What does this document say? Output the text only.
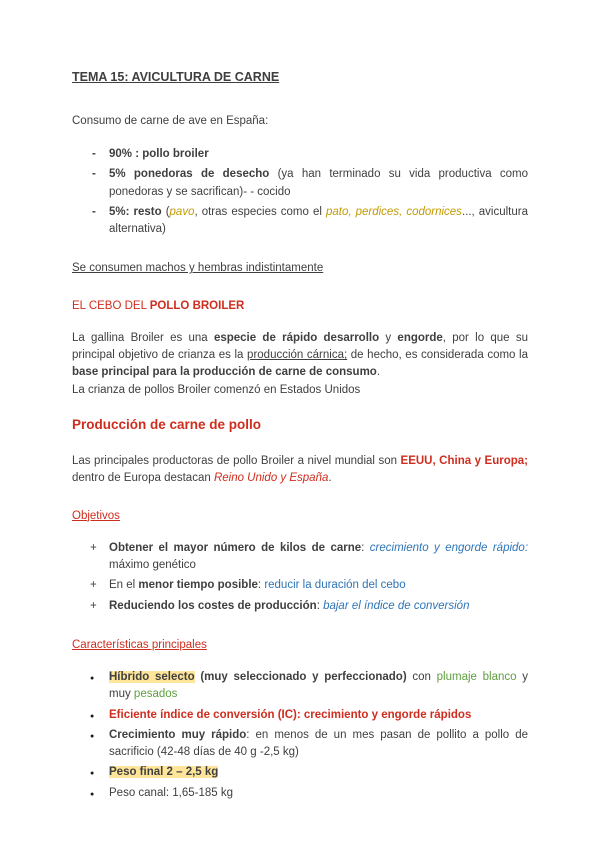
TEMA 15: AVICULTURA DE CARNE

Consumo de carne de ave en España:

- 90% : pollo broiler
- 5% ponedoras de desecho (ya han terminado su vida productiva como ponedoras y se sacrifican)- - cocido
- 5%: resto (pavo, otras especies como el pato, perdices, codornices..., avicultura alternativa)

Se consumen machos y hembras indistintamente

EL CEBO DEL POLLO BROILER

La gallina Broiler es una especie de rápido desarrollo y engorde, por lo que su principal objetivo de crianza es la producción cárnica; de hecho, es considerada como la base principal para la producción de carne de consumo.

La crianza de pollos Broiler comenzó en Estados Unidos

Producción de carne de pollo

Las principales productoras de pollo Broiler a nivel mundial son EEUU, China y Europa; dentro de Europa destacan Reino Unido y España.

Objetivos
+ Obtener el mayor número de kilos de carne: crecimiento y engorde rápido: máximo genético
+ En el menor tiempo posible: reducir la duración del cebo
+ Reduciendo los costes de producción: bajar el índice de conversión
Características principales
● Híbrido selecto (muy seleccionado y perfeccionado) con plumaje blanco y muy pesados
● Eficiente índice de conversión (IC): crecimiento y engorde rápidos
● Crecimiento muy rápido: en menos de un mes pasan de pollito a pollo de sacrificio (42-48 días de 40 g -2,5 kg)
● Peso final 2 – 2,5 kg
● Peso canal: 1,65-185 kg
